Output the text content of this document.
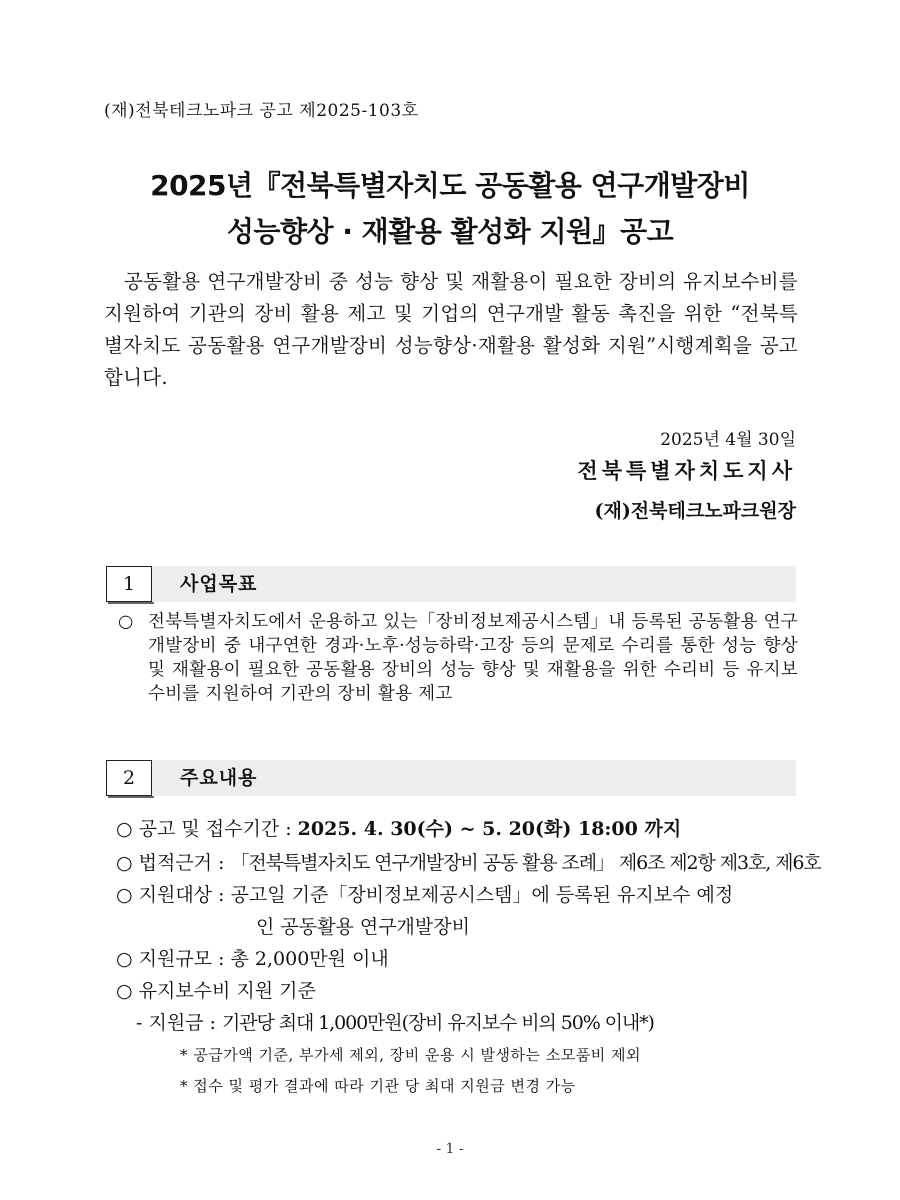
(재)전북테크노파크 공고 제2025-103호
2025년『전북특별자치도 공동활용 연구개발장비
성능향상 · 재활용 활성화 지원』공고
공동활용 연구개발장비 중 성능 향상 및 재활용이 필요한 장비의 유지보수비를 지원하여 기관의 장비 활용 제고 및 기업의 연구개발 활동 촉진을 위한 “전북특별자치도 공동활용 연구개발장비 성능향상·재활용 활성화 지원”시행계획을 공고합니다.
2025년 4월 30일
전북특별자치도지사
(재)전북테크노파크원장
1	사업목표
○ 전북특별자치도에서 운용하고 있는「장비정보제공시스템」내 등록된 공동활용 연구개발장비 중 내구연한 경과·노후·성능하락·고장 등의 문제로 수리를 통한 성능 향상 및 재활용이 필요한 공동활용 장비의 성능 향상 및 재활용을 위한 수리비 등 유지보수비를 지원하여 기관의 장비 활용 제고
2	주요내용
○ 공고 및 접수기간 : 2025. 4. 30(수) ~ 5. 20(화) 18:00 까지
○ 법적근거 : 「전북특별자치도 연구개발장비 공동 활용 조례」 제6조 제2항 제3호, 제6호
○ 지원대상 : 공고일 기준「장비정보제공시스템」에 등록된 유지보수 예정
인 공동활용 연구개발장비
○ 지원규모 : 총 2,000만원 이내
○ 유지보수비 지원 기준
- 지원금 : 기관당 최대 1,000만원(장비 유지보수 비의 50% 이내*)
* 공급가액 기준, 부가세 제외, 장비 운용 시 발생하는 소모품비 제외
* 접수 및 평가 결과에 따라 기관 당 최대 지원금 변경 가능
- 1 -
